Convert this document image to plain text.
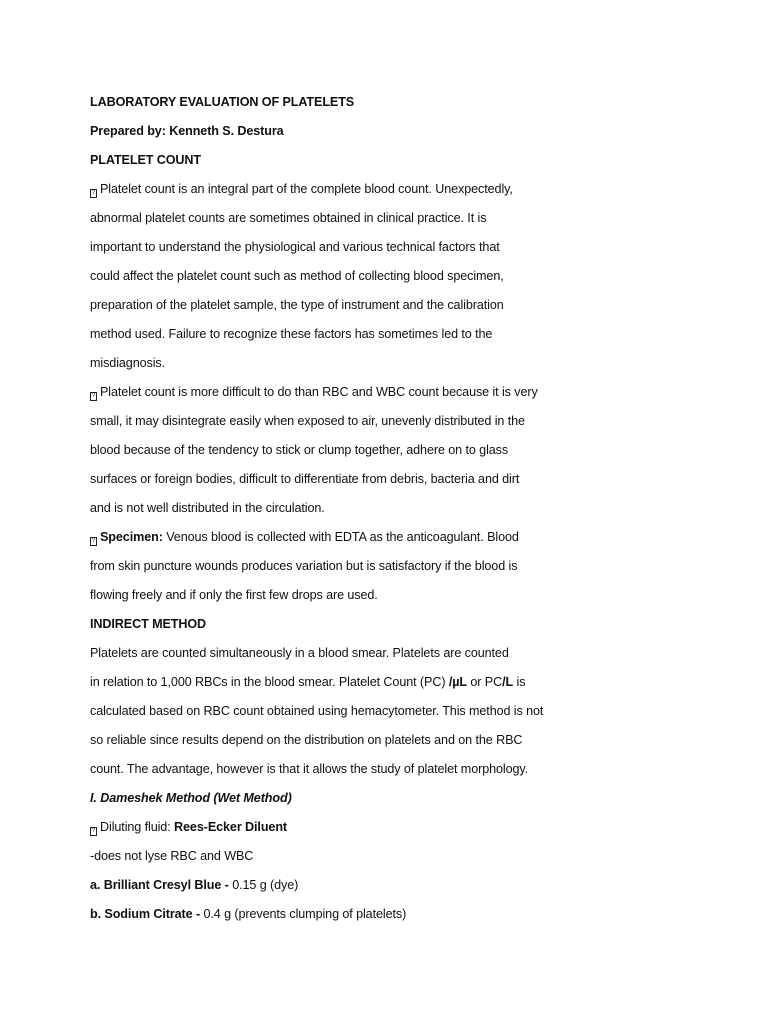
LABORATORY EVALUATION OF PLATELETS
Prepared by: Kenneth S. Destura
PLATELET COUNT
? Platelet count is an integral part of the complete blood count. Unexpectedly,
abnormal platelet counts are sometimes obtained in clinical practice. It is
important to understand the physiological and various technical factors that
could affect the platelet count such as method of collecting blood specimen,
preparation of the platelet sample, the type of instrument and the calibration
method used. Failure to recognize these factors has sometimes led to the
misdiagnosis.
? Platelet count is more difficult to do than RBC and WBC count because it is very
small, it may disintegrate easily when exposed to air, unevenly distributed in the
blood because of the tendency to stick or clump together, adhere on to glass
surfaces or foreign bodies, difficult to differentiate from debris, bacteria and dirt
and is not well distributed in the circulation.
? Specimen: Venous blood is collected with EDTA as the anticoagulant. Blood
from skin puncture wounds produces variation but is satisfactory if the blood is
flowing freely and if only the first few drops are used.
INDIRECT METHOD
Platelets are counted simultaneously in a blood smear. Platelets are counted
in relation to 1,000 RBCs in the blood smear. Platelet Count (PC) /µL or PC/L is
calculated based on RBC count obtained using hemacytometer. This method is not
so reliable since results depend on the distribution on platelets and on the RBC
count. The advantage, however is that it allows the study of platelet morphology.
I. Dameshek Method (Wet Method)
? Diluting fluid: Rees-Ecker Diluent
-does not lyse RBC and WBC
a. Brilliant Cresyl Blue - 0.15 g (dye)
b. Sodium Citrate - 0.4 g (prevents clumping of platelets)
